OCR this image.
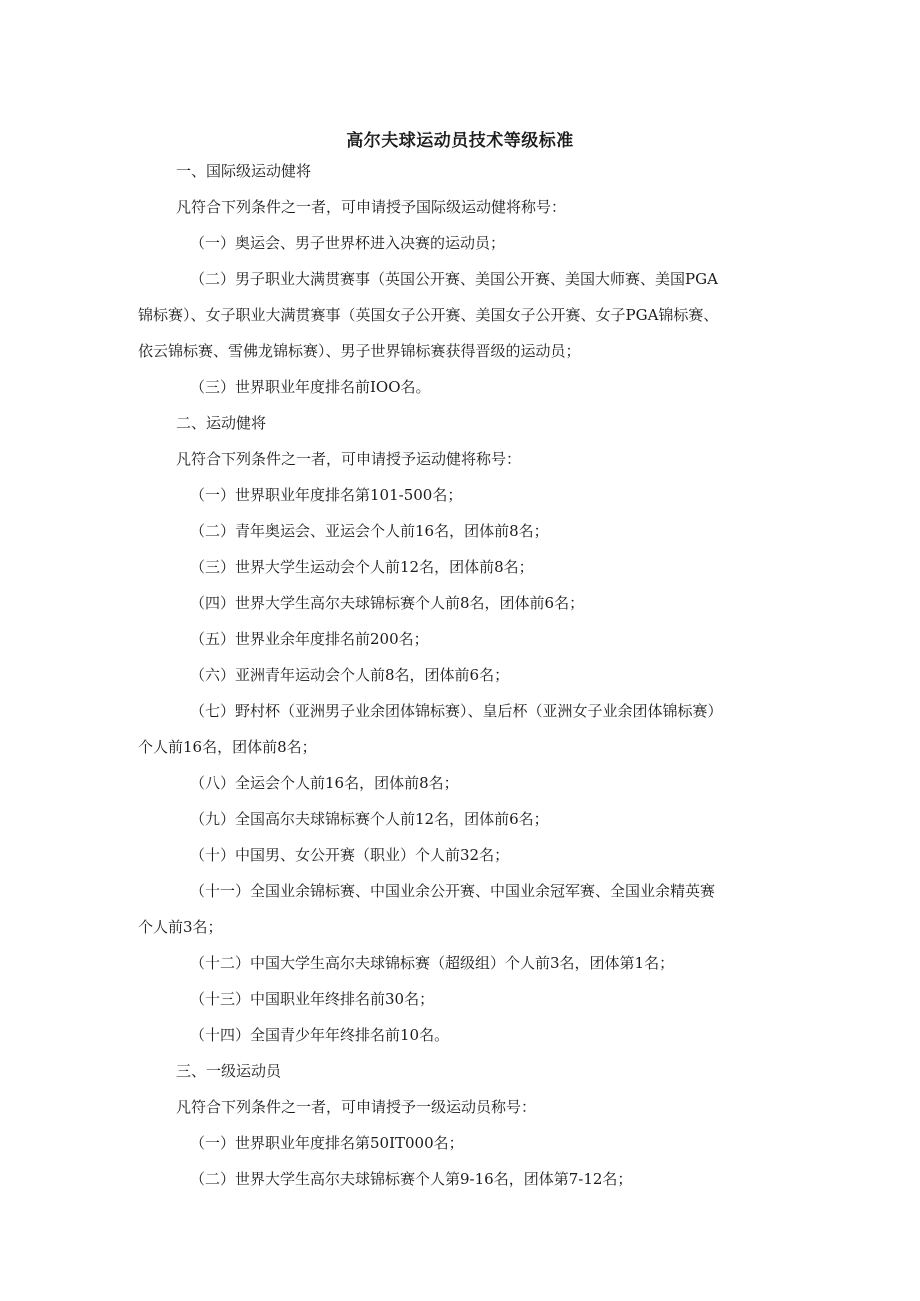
高尔夫球运动员技术等级标准
一、国际级运动健将
凡符合下列条件之一者，可申请授予国际级运动健将称号：
（一）奥运会、男子世界杯进入决赛的运动员；
（二）男子职业大满贯赛事（英国公开赛、美国公开赛、美国大师赛、美国PGA
锦标赛）、女子职业大满贯赛事（英国女子公开赛、美国女子公开赛、女子PGA锦标赛、
依云锦标赛、雪佛龙锦标赛）、男子世界锦标赛获得晋级的运动员；
（三）世界职业年度排名前IOO名。
二、运动健将
凡符合下列条件之一者，可申请授予运动健将称号：
（一）世界职业年度排名第101-500名；
（二）青年奥运会、亚运会个人前16名，团体前8名；
（三）世界大学生运动会个人前12名，团体前8名；
（四）世界大学生高尔夫球锦标赛个人前8名，团体前6名；
（五）世界业余年度排名前200名；
（六）亚洲青年运动会个人前8名，团体前6名；
（七）野村杯（亚洲男子业余团体锦标赛）、皇后杯（亚洲女子业余团体锦标赛）
个人前16名，团体前8名；
（八）全运会个人前16名，团体前8名；
（九）全国高尔夫球锦标赛个人前12名，团体前6名；
（十）中国男、女公开赛（职业）个人前32名；
（十一）全国业余锦标赛、中国业余公开赛、中国业余冠军赛、全国业余精英赛
个人前3名；
（十二）中国大学生高尔夫球锦标赛（超级组）个人前3名，团体第1名；
（十三）中国职业年终排名前30名；
（十四）全国青少年年终排名前10名。
三、一级运动员
凡符合下列条件之一者，可申请授予一级运动员称号：
（一）世界职业年度排名第50IT000名；
（二）世界大学生高尔夫球锦标赛个人第9-16名，团体第7-12名；
